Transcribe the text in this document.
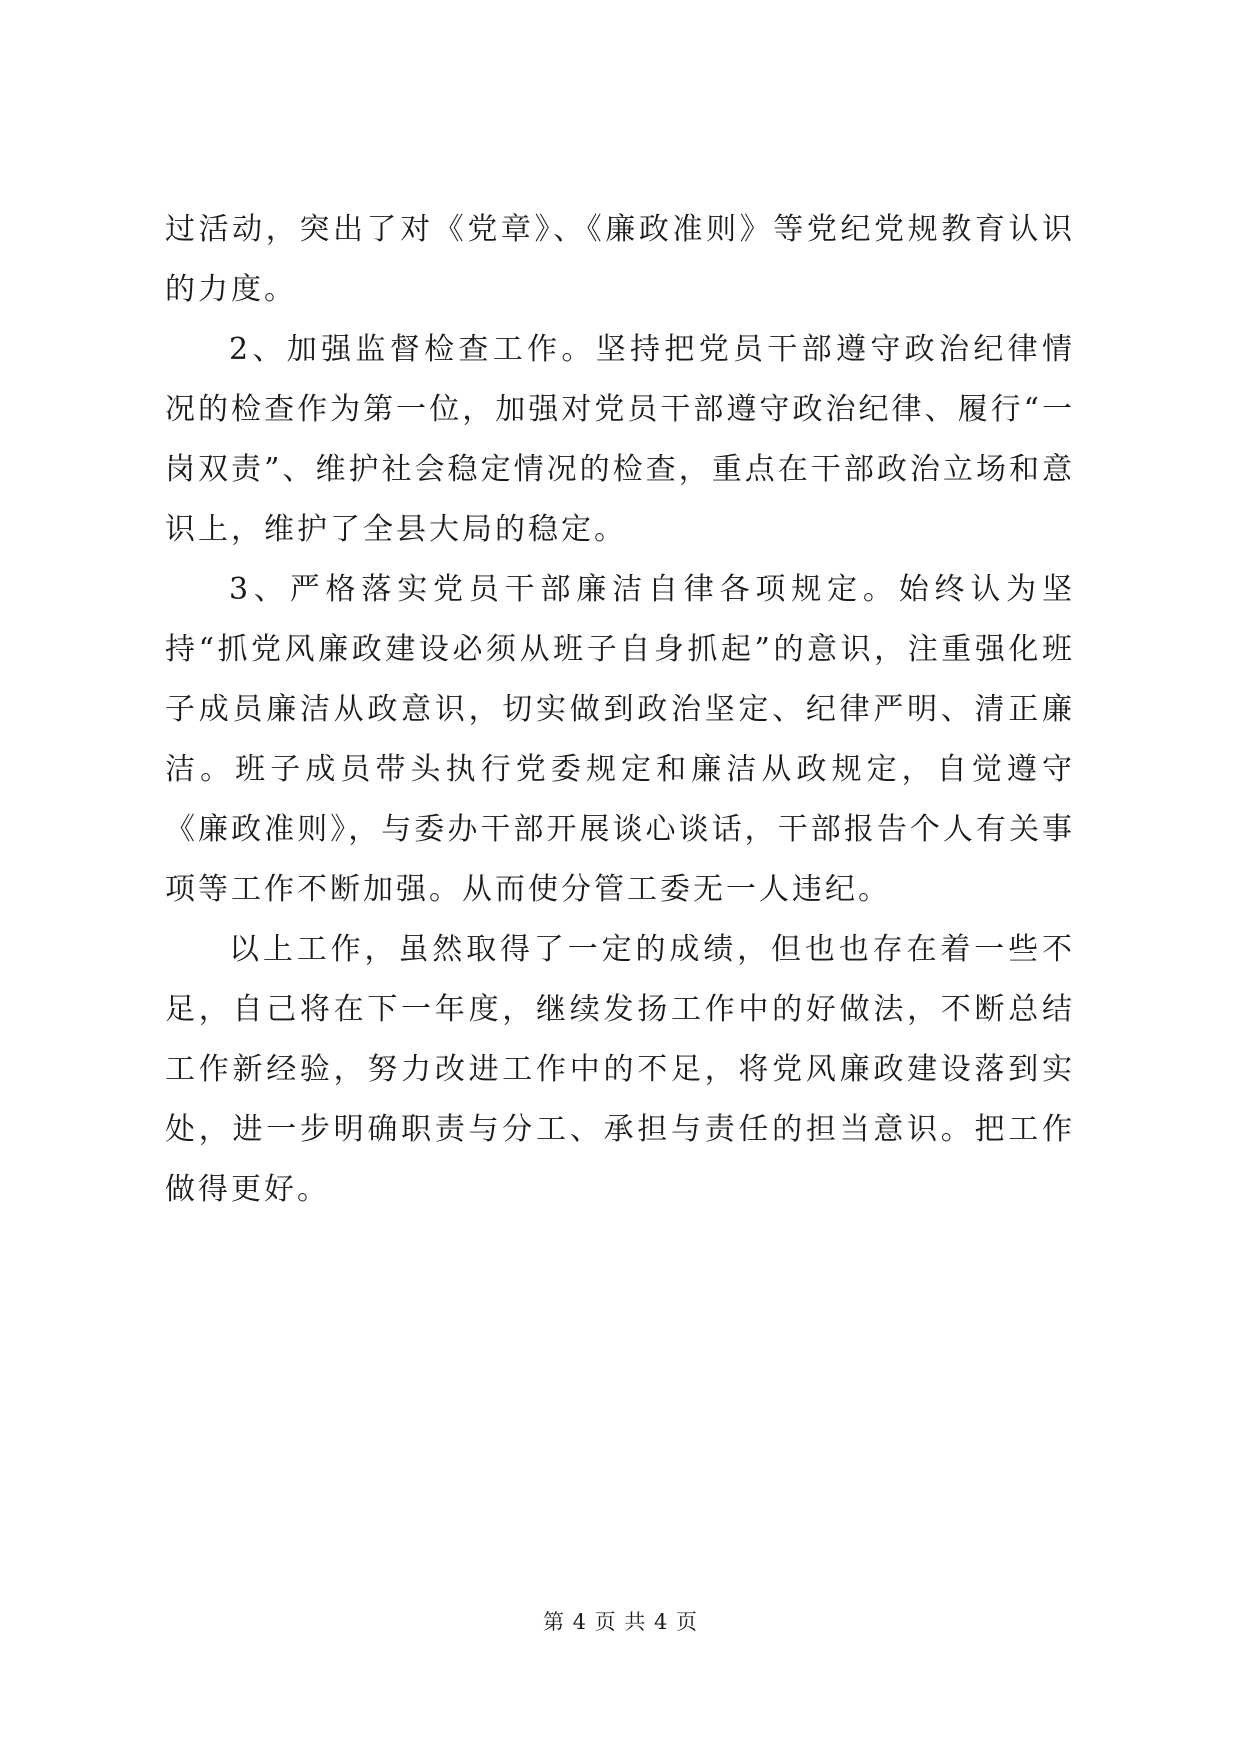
过活动，突出了对《党章》、《廉政准则》等党纪党规教育认识的力度。

2、加强监督检查工作。坚持把党员干部遵守政治纪律情况的检查作为第一位，加强对党员干部遵守政治纪律、履行“一岗双责”、维护社会稳定情况的检查，重点在干部政治立场和意识上，维护了全县大局的稳定。

3、严格落实党员干部廉洁自律各项规定。始终认为坚持“抓党风廉政建设必须从班子自身抓起”的意识，注重强化班子成员廉洁从政意识，切实做到政治坚定、纪律严明、清正廉洁。班子成员带头执行党委规定和廉洁从政规定，自觉遵守《廉政准则》，与委办干部开展谈心谈话，干部报告个人有关事项等工作不断加强。从而使分管工委无一人违纪。

以上工作，虽然取得了一定的成绩，但也也存在着一些不足，自己将在下一年度，继续发扬工作中的好做法，不断总结工作新经验，努力改进工作中的不足，将党风廉政建设落到实处，进一步明确职责与分工、承担与责任的担当意识。把工作做得更好。

第 4 页 共 4 页
